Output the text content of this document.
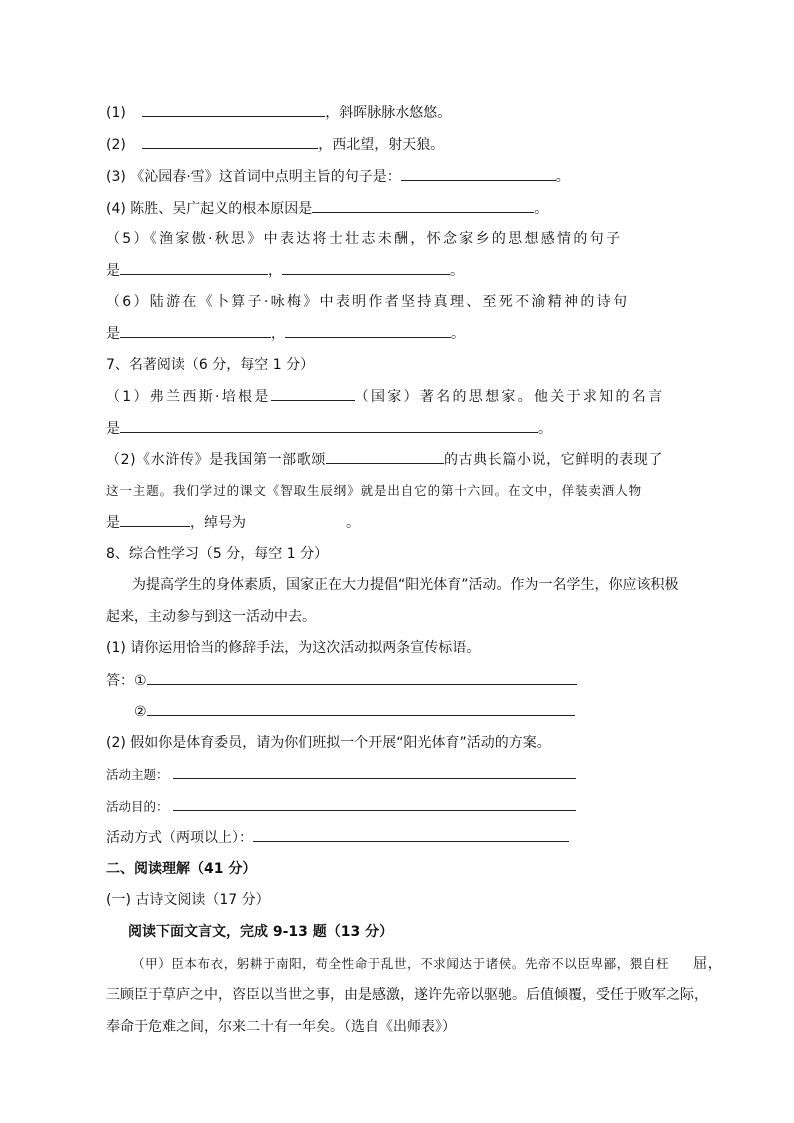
(1)	，斜晖脉脉水悠悠。
(2)	，西北望，射天狼。
(3) 《沁园春·雪》这首词中点明主旨的句子是：	。
(4) 陈胜、吴广起义的根本原因是	。
（5）《渔家傲·秋思》中表达将士壮志未酬，怀念家乡的思想感情的句子
是	，	。
（6）陆游在《卜算子·咏梅》中表明作者坚持真理、至死不渝精神的诗句
是	，	。
7、名著阅读（6 分，每空 1 分）
（1）弗兰西斯·培根是	（国家）著名的思想家。他关于求知的名言
是	。
（2)《水浒传》是我国第一部歌颂	的古典长篇小说，它鲜明的表现了
这一主题。我们学过的课文《智取生辰纲》就是出自它的第十六回。在文中，佯装卖酒人物
是	，绰号为	。
8、综合性学习（5 分，每空 1 分）
为提高学生的身体素质，国家正在大力提倡“阳光体育”活动。作为一名学生，你应该积极
起来，主动参与到这一活动中去。
(1) 请你运用恰当的修辞手法，为这次活动拟两条宣传标语。
答：①
②
(2) 假如你是体育委员，请为你们班拟一个开展“阳光体育”活动的方案。
活动主题：
活动目的：
活动方式（两项以上）：
二、阅读理解（41 分）
(一) 古诗文阅读（17 分）
阅读下面文言文，完成 9-13 题（13 分）
（甲）臣本布衣，躬耕于南阳，苟全性命于乱世，不求闻达于诸侯。先帝不以臣卑鄙，猥自枉 屈，
三顾臣于草庐之中，咨臣以当世之事，由是感激，遂许先帝以驱驰。后值倾覆，受任于败军之际，
奉命于危难之间，尔来二十有一年矣。（选自《出师表》）
